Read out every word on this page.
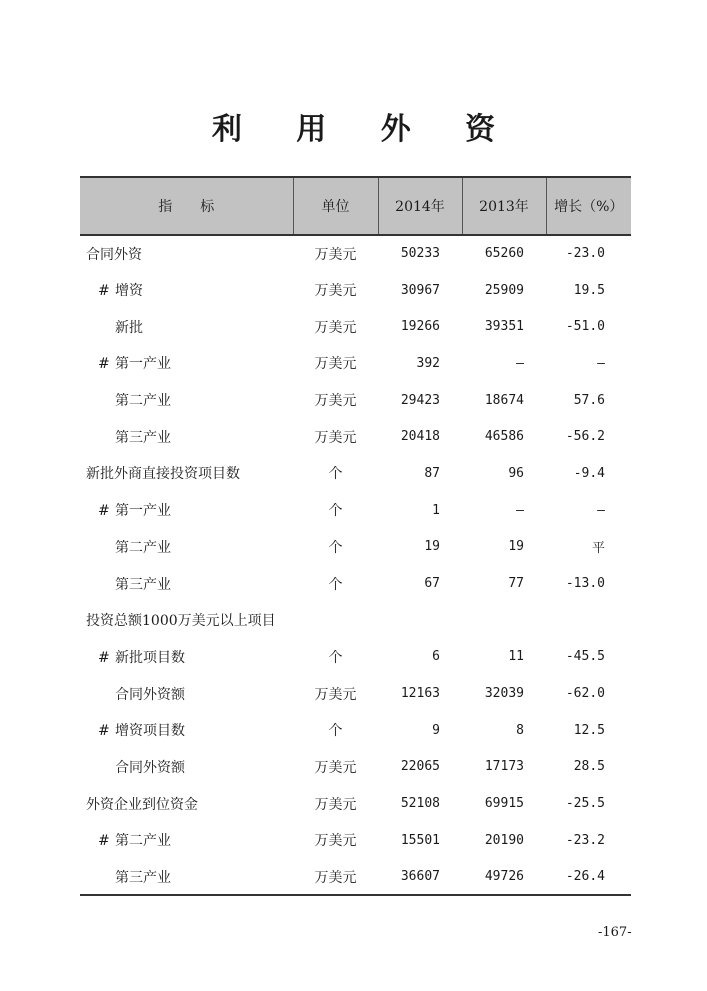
利 用 外 资
指　　标	单位	2014年	2013年	增长（%）
合同外资	万美元	50233	65260	-23.0
# 增资	万美元	30967	25909	19.5
新批	万美元	19266	39351	-51.0
# 第一产业	万美元	392	—	—
第二产业	万美元	29423	18674	57.6
第三产业	万美元	20418	46586	-56.2
新批外商直接投资项目数	个	87	96	-9.4
# 第一产业	个	1	—	—
第二产业	个	19	19	平
第三产业	个	67	77	-13.0
投资总额1000万美元以上项目				
# 新批项目数	个	6	11	-45.5
合同外资额	万美元	12163	32039	-62.0
# 增资项目数	个	9	8	12.5
合同外资额	万美元	22065	17173	28.5
外资企业到位资金	万美元	52108	69915	-25.5
# 第二产业	万美元	15501	20190	-23.2
第三产业	万美元	36607	49726	-26.4
-167-
